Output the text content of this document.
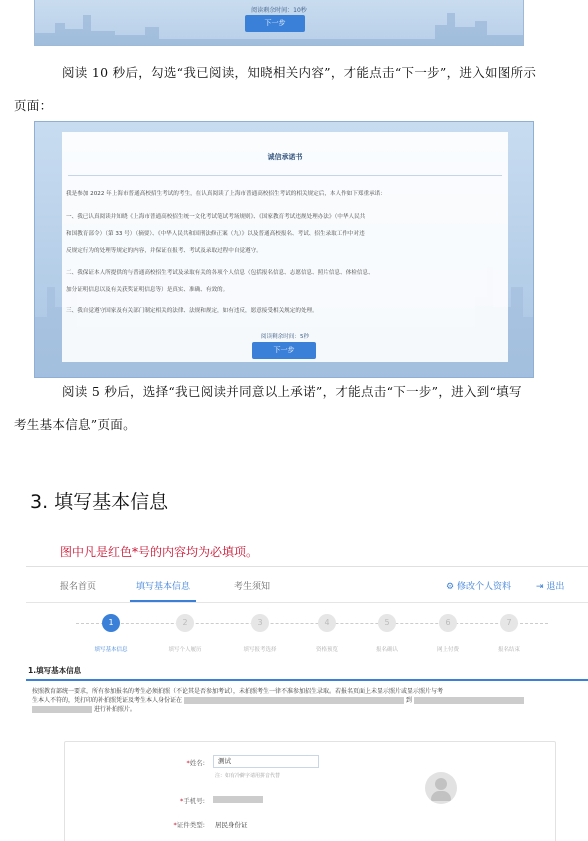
阅读剩余时间：10秒
下一步
阅读 10 秒后，勾选“我已阅读，知晓相关内容”，才能点击“下一步”，进入如图所示
页面：
诚信承诺书
我是参加 2022 年上海市普通高校招生考试的考生，在认真阅读了上海市普通高校招生考试的相关规定后，本人作如下郑重承诺：
一、我已认真阅读并知晓《上海市普通高校招生统一文化考试笔试考场规则》、《国家教育考试违规处理办法》（中华人民共
和国教育部令）（第 33 号）（摘要）、《中华人民共和国刑法修正案（九）》以及普通高校报名、考试、招生录取工作中对违
反规定行为的处理等规定的内容，并保证在报考、考试及录取过程中自觉遵守。
二、我保证本人所提供的与普通高校招生考试及录取有关的各项个人信息（包括报名信息、志愿信息、照片信息、体检信息、
加分证明信息以及有关获奖证明信息等）是真实、准确、有效的。
三、我自觉遵守国家及有关部门制定相关的法律、法规和规定，如有违反，愿意接受相关规定的处理。
阅读剩余时间：5秒
下一步
阅读 5 秒后，选择“我已阅读并同意以上承诺”，才能点击“下一步”，进入到“填写
考生基本信息”页面。
3. 填写基本信息
图中凡是红色*号的内容均为必填项。
报名首页	填写基本信息	考生须知	⚙ 修改个人资料	⇥ 退出
1	2	3	4	5	6	7
填写基本信息	填写个人履历	填写报考选择	资格预览	报名确认	网上付费	报名结束
1.填写基本信息
按照教育部统一要求，所有参加报名的考生必须拍照（不论其是否参加考试），未拍照考生一律不准参加招生录取。若报名页面上未显示照片或显示照片与考
生本人不符的，凭打印的补拍照凭证及考生本人身份证在	到
进行补拍照片。
*姓名:	测试
注：如有冷僻字请用拼音代替
*手机号:
*证件类型: 居民身份证
